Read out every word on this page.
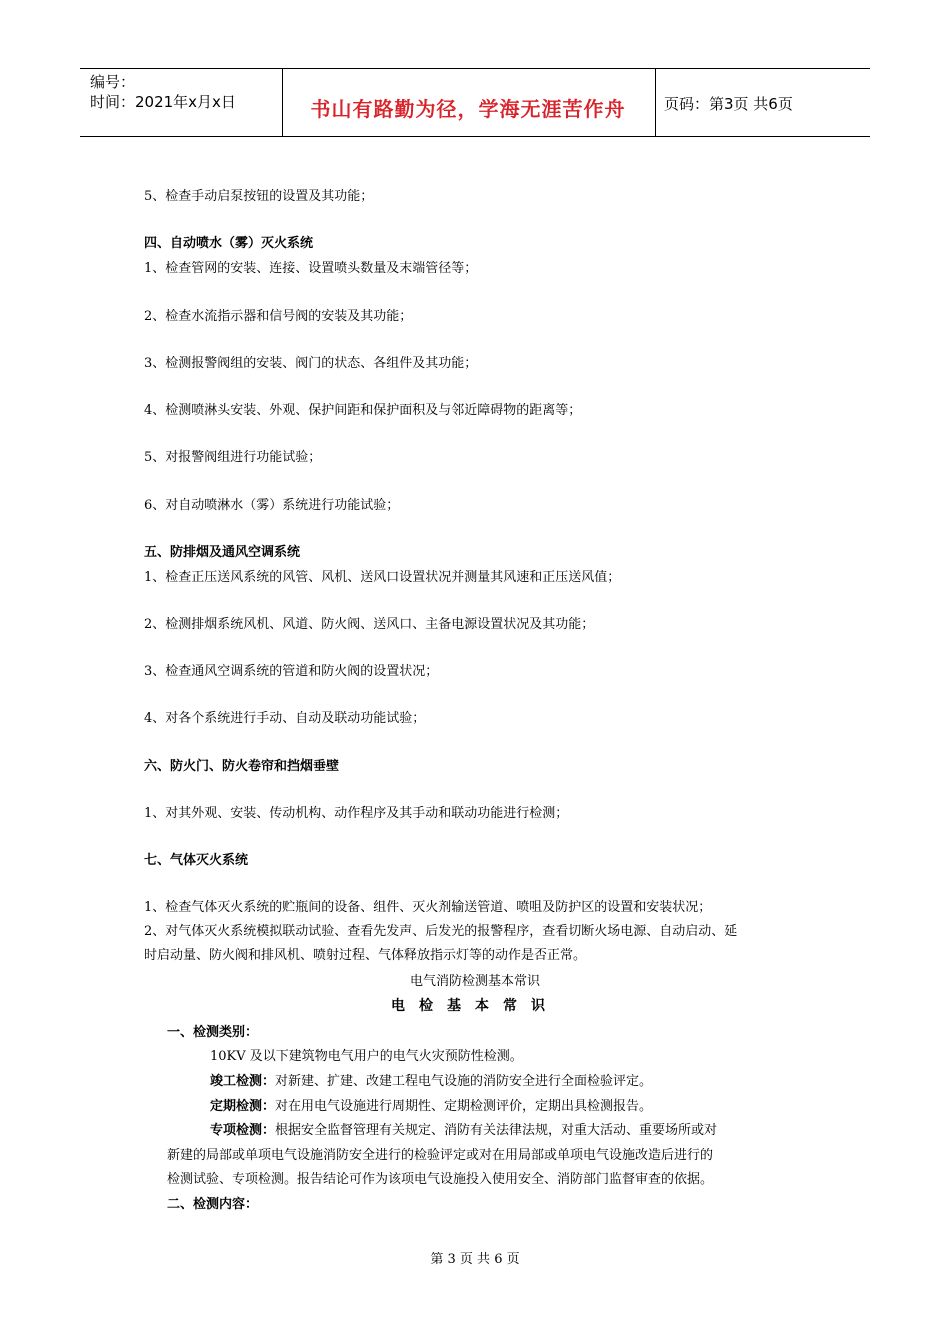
编号：
时间：2021年x月x日	书山有路勤为径，学海无涯苦作舟	页码：第3页 共6页
5、检查手动启泵按钮的设置及其功能；
四、自动喷水（雾）灭火系统
1、检查管网的安装、连接、设置喷头数量及末端管径等；
2、检查水流指示器和信号阀的安装及其功能；
3、检测报警阀组的安装、阀门的状态、各组件及其功能；
4、检测喷淋头安装、外观、保护间距和保护面积及与邻近障碍物的距离等；
5、对报警阀组进行功能试验；
6、对自动喷淋水（雾）系统进行功能试验；
五、防排烟及通风空调系统
1、检查正压送风系统的风管、风机、送风口设置状况并测量其风速和正压送风值；
2、检测排烟系统风机、风道、防火阀、送风口、主备电源设置状况及其功能；
3、检查通风空调系统的管道和防火阀的设置状况；
4、对各个系统进行手动、自动及联动功能试验；
六、防火门、防火卷帘和挡烟垂壁
1、对其外观、安装、传动机构、动作程序及其手动和联动功能进行检测；
七、气体灭火系统
1、检查气体灭火系统的贮瓶间的设备、组件、灭火剂输送管道、喷咀及防护区的设置和安装状况；
2、对气体灭火系统模拟联动试验、查看先发声、后发光的报警程序，查看切断火场电源、自动启动、延
时启动量、防火阀和排风机、喷射过程、气体释放指示灯等的动作是否正常。
电气消防检测基本常识
电检基本常识
一、检测类别：
10KV 及以下建筑物电气用户的电气火灾预防性检测。
竣工检测：对新建、扩建、改建工程电气设施的消防安全进行全面检验评定。
定期检测：对在用电气设施进行周期性、定期检测评价，定期出具检测报告。
专项检测：根据安全监督管理有关规定、消防有关法律法规，对重大活动、重要场所或对
新建的局部或单项电气设施消防安全进行的检验评定或对在用局部或单项电气设施改造后进行的
检测试验、专项检测。报告结论可作为该项电气设施投入使用安全、消防部门监督审查的依据。
二、检测内容：
第 3 页 共 6 页
